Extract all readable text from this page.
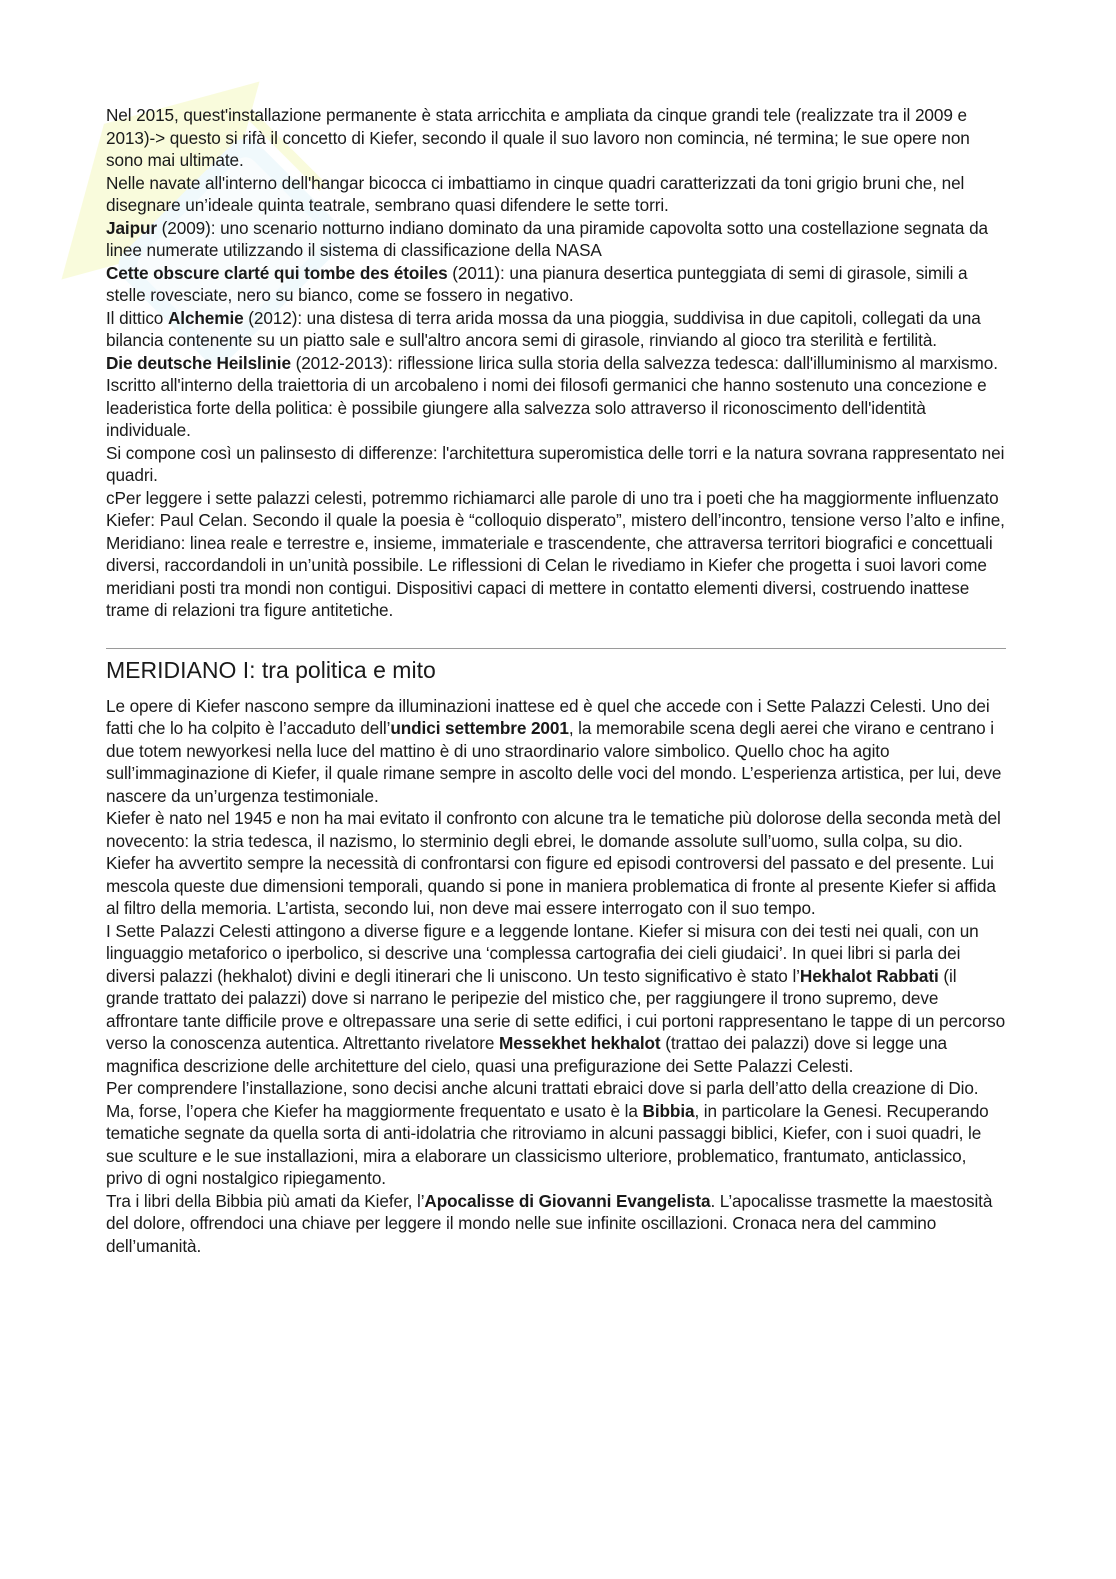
Nel 2015, quest'installazione permanente è stata arricchita e ampliata da cinque grandi tele (realizzate tra il 2009 e 2013)-> questo si rifà il concetto di Kiefer, secondo il quale il suo lavoro non comincia, né termina; le sue opere non sono mai ultimate.

Nelle navate all'interno dell'hangar bicocca ci imbattiamo in cinque quadri caratterizzati da toni grigio bruni che, nel disegnare un’ideale quinta teatrale, sembrano quasi difendere le sette torri.

Jaipur (2009): uno scenario notturno indiano dominato da una piramide capovolta sotto una costellazione segnata da linee numerate utilizzando il sistema di classificazione della NASA

Cette obscure clarté qui tombe des étoiles (2011): una pianura desertica punteggiata di semi di girasole, simili a stelle rovesciate, nero su bianco, come se fossero in negativo.

Il dittico Alchemie (2012): una distesa di terra arida mossa da una pioggia, suddivisa in due capitoli, collegati da una bilancia contenente su un piatto sale e sull'altro ancora semi di girasole, rinviando al gioco tra sterilità e fertilità.

Die deutsche Heilslinie (2012-2013): riflessione lirica sulla storia della salvezza tedesca: dall'illuminismo al marxismo. Iscritto all'interno della traiettoria di un arcobaleno i nomi dei filosofi germanici che hanno sostenuto una concezione e leaderistica forte della politica: è possibile giungere alla salvezza solo attraverso il riconoscimento dell'identità individuale.

Si compone così un palinsesto di differenze: l'architettura superomistica delle torri e la natura sovrana rappresentato nei quadri.

cPer leggere i sette palazzi celesti, potremmo richiamarci alle parole di uno tra i poeti che ha maggiormente influenzato Kiefer: Paul Celan. Secondo il quale la poesia è “colloquio disperato”, mistero dell’incontro, tensione verso l’alto e infine, Meridiano: linea reale e terrestre e, insieme, immateriale e trascendente, che attraversa territori biografici e concettuali diversi, raccordandoli in un’unità possibile. Le riflessioni di Celan le rivediamo in Kiefer che progetta i suoi lavori come meridiani posti tra mondi non contigui. Dispositivi capaci di mettere in contatto elementi diversi, costruendo inattese trame di relazioni tra figure antitetiche.

MERIDIANO I: tra politica e mito

Le opere di Kiefer nascono sempre da illuminazioni inattese ed è quel che accede con i Sette Palazzi Celesti. Uno dei fatti che lo ha colpito è l’accaduto dell’undici settembre 2001, la memorabile scena degli aerei che virano e centrano i due totem newyorkesi nella luce del mattino è di uno straordinario valore simbolico. Quello choc ha agito sull’immaginazione di Kiefer, il quale rimane sempre in ascolto delle voci del mondo. L’esperienza artistica, per lui, deve nascere da un’urgenza testimoniale.

Kiefer è nato nel 1945 e non ha mai evitato il confronto con alcune tra le tematiche più dolorose della seconda metà del novecento: la stria tedesca, il nazismo, lo sterminio degli ebrei, le domande assolute sull’uomo, sulla colpa, su dio. Kiefer ha avvertito sempre la necessità di confrontarsi con figure ed episodi controversi del passato e del presente. Lui mescola queste due dimensioni temporali, quando si pone in maniera problematica di fronte al presente Kiefer si affida al filtro della memoria. L’artista, secondo lui, non deve mai essere interrogato con il suo tempo.

I Sette Palazzi Celesti attingono a diverse figure e a leggende lontane. Kiefer si misura con dei testi nei quali, con un linguaggio metaforico o iperbolico, si descrive una ‘complessa cartografia dei cieli giudaici’. In quei libri si parla dei diversi palazzi (hekhalot) divini e degli itinerari che li uniscono. Un testo significativo è stato l’Hekhalot Rabbati (il grande trattato dei palazzi) dove si narrano le peripezie del mistico che, per raggiungere il trono supremo, deve affrontare tante difficile prove e oltrepassare una serie di sette edifici, i cui portoni rappresentano le tappe di un percorso verso la conoscenza autentica. Altrettanto rivelatore Messekhet hekhalot (trattao dei palazzi) dove si legge una magnifica descrizione delle architetture del cielo, quasi una prefigurazione dei Sette Palazzi Celesti.

Per comprendere l’installazione, sono decisi anche alcuni trattati ebraici dove si parla dell’atto della creazione di Dio. Ma, forse, l’opera che Kiefer ha maggiormente frequentato e usato è la Bibbia, in particolare la Genesi. Recuperando tematiche segnate da quella sorta di anti-idolatria che ritroviamo in alcuni passaggi biblici, Kiefer, con i suoi quadri, le sue sculture e le sue installazioni, mira a elaborare un classicismo ulteriore, problematico, frantumato, anticlassico, privo di ogni nostalgico ripiegamento.

Tra i libri della Bibbia più amati da Kiefer, l’Apocalisse di Giovanni Evangelista. L’apocalisse trasmette la maestosità del dolore, offrendoci una chiave per leggere il mondo nelle sue infinite oscillazioni. Cronaca nera del cammino dell’umanità.
